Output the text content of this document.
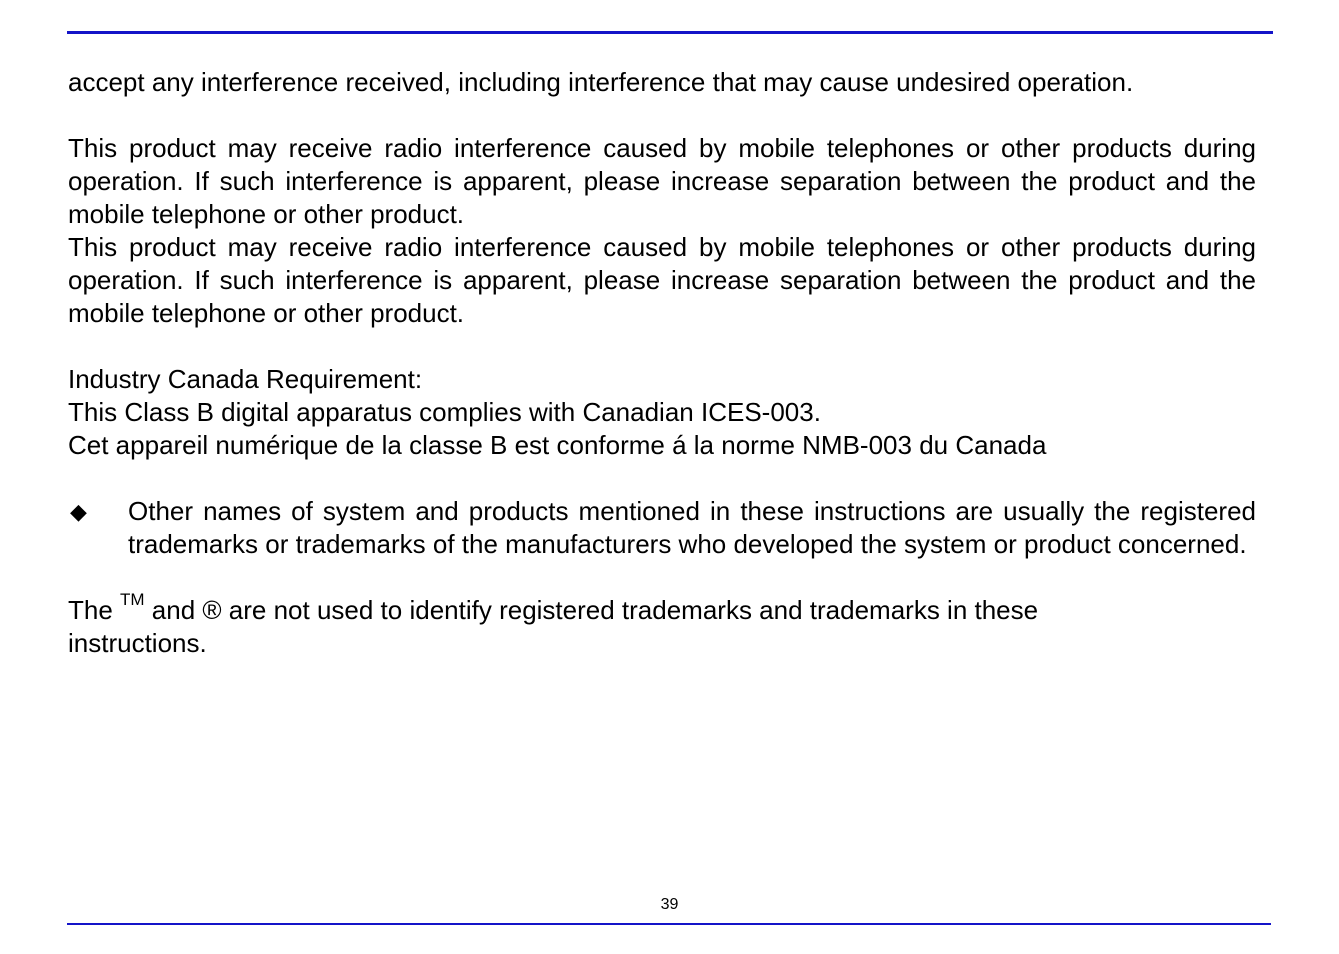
accept any interference received, including interference that may cause undesired operation.

This product may receive radio interference caused by mobile telephones or other products during operation. If such interference is apparent, please increase separation between the product and the mobile telephone or other product.

This product may receive radio interference caused by mobile telephones or other products during operation. If such interference is apparent, please increase separation between the product and the mobile telephone or other product.

Industry Canada Requirement:

This Class B digital apparatus complies with Canadian ICES-003.

Cet appareil numérique de la classe B est conforme á la norme NMB-003 du Canada

◆	Other names of system and products mentioned in these instructions are usually the registered trademarks or trademarks of the manufacturers who developed the system or product concerned.

The ™ and ® are not used to identify registered trademarks and trademarks in these
instructions.

39
